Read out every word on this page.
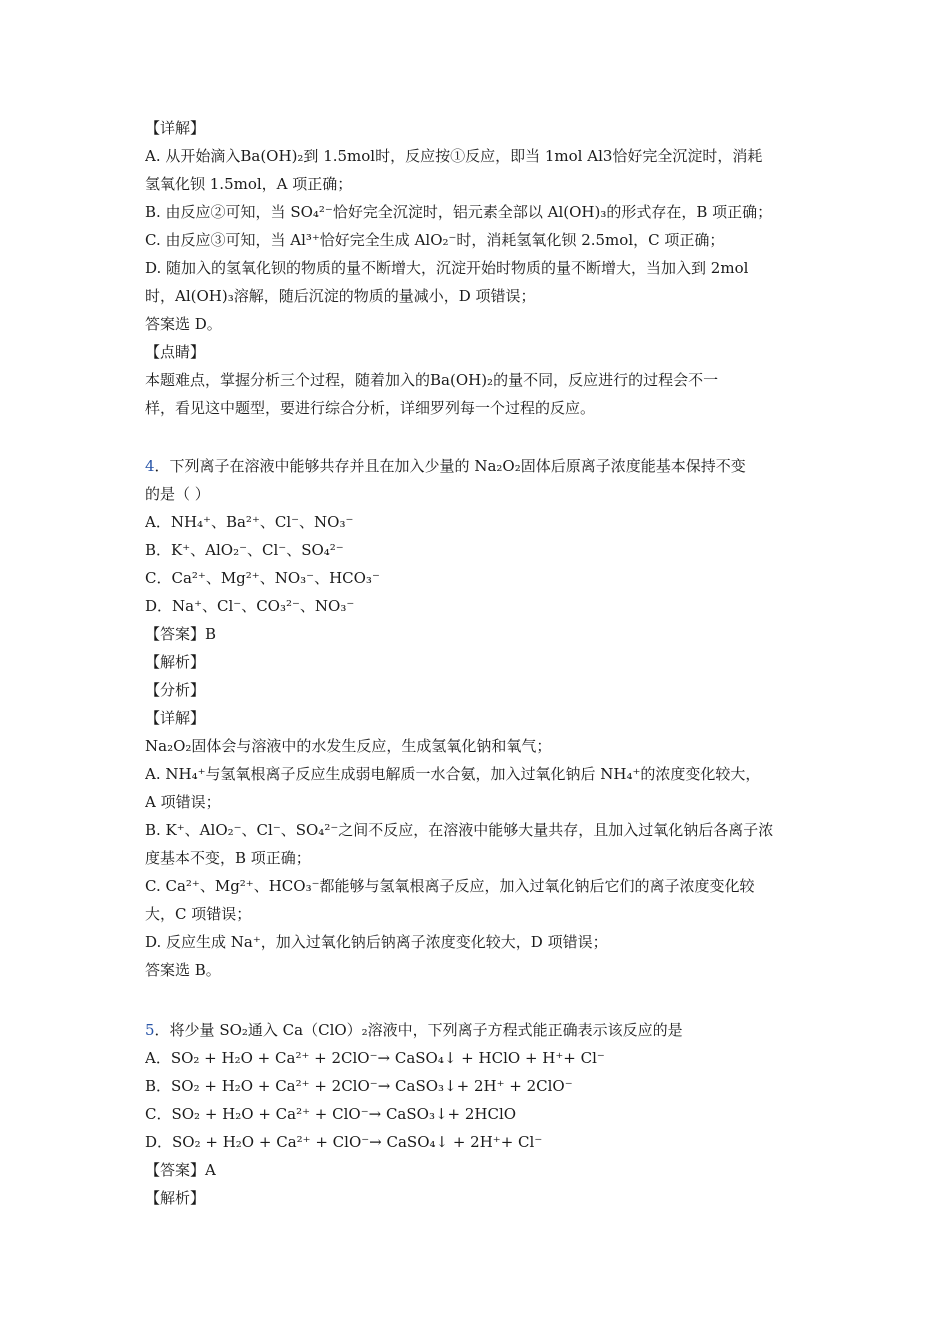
【详解】
A. 从开始滴入Ba(OH)₂到 1.5mol时，反应按①反应，即当 1mol Al3恰好完全沉淀时，消耗
氢氧化钡 1.5mol，A 项正确；
B. 由反应②可知，当 SO₄²⁻恰好完全沉淀时，铝元素全部以 Al(OH)₃的形式存在，B 项正确；
C. 由反应③可知，当 Al³⁺恰好完全生成 AlO₂⁻时，消耗氢氧化钡 2.5mol，C 项正确；
D. 随加入的氢氧化钡的物质的量不断增大，沉淀开始时物质的量不断增大，当加入到 2mol
时，Al(OH)₃溶解，随后沉淀的物质的量减小，D 项错误；
答案选 D。
【点睛】
本题难点，掌握分析三个过程，随着加入的Ba(OH)₂的量不同，反应进行的过程会不一
样，看见这中题型，要进行综合分析，详细罗列每一个过程的反应。
4．下列离子在溶液中能够共存并且在加入少量的 Na₂O₂固体后原离子浓度能基本保持不变
的是（ ）
A．NH₄⁺、Ba²⁺、Cl⁻、NO₃⁻
B．K⁺、AlO₂⁻、Cl⁻、SO₄²⁻
C．Ca²⁺、Mg²⁺、NO₃⁻、HCO₃⁻
D．Na⁺、Cl⁻、CO₃²⁻、NO₃⁻
【答案】B
【解析】
【分析】
【详解】
Na₂O₂固体会与溶液中的水发生反应，生成氢氧化钠和氧气；
A. NH₄⁺与氢氧根离子反应生成弱电解质一水合氨，加入过氧化钠后 NH₄⁺的浓度变化较大，
A 项错误；
B. K⁺、AlO₂⁻、Cl⁻、SO₄²⁻之间不反应，在溶液中能够大量共存，且加入过氧化钠后各离子浓
度基本不变，B 项正确；
C. Ca²⁺、Mg²⁺、HCO₃⁻都能够与氢氧根离子反应，加入过氧化钠后它们的离子浓度变化较
大，C 项错误；
D. 反应生成 Na⁺，加入过氧化钠后钠离子浓度变化较大，D 项错误；
答案选 B。
5．将少量 SO₂通入 Ca（ClO）₂溶液中，下列离子方程式能正确表示该反应的是
A．SO₂ + H₂O + Ca²⁺ + 2ClO⁻→ CaSO₄↓ + HClO + H⁺+ Cl⁻
B．SO₂ + H₂O + Ca²⁺ + 2ClO⁻→ CaSO₃↓+ 2H⁺ + 2ClO⁻
C．SO₂ + H₂O + Ca²⁺ + ClO⁻→ CaSO₃↓+ 2HClO
D．SO₂ + H₂O + Ca²⁺ + ClO⁻→ CaSO₄↓ + 2H⁺+ Cl⁻
【答案】A
【解析】
